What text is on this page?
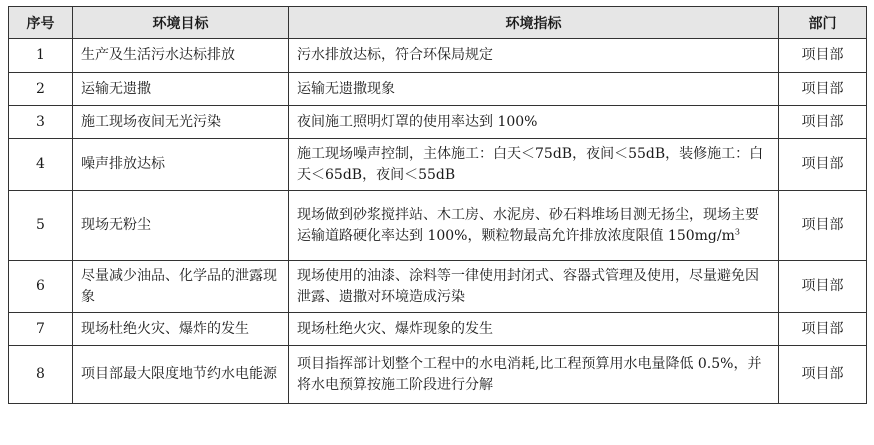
序号	环境目标	环境指标	部门
1	生产及生活污水达标排放	污水排放达标，符合环保局规定	项目部
2	运输无遗撒	运输无遗撒现象	项目部
3	施工现场夜间无光污染	夜间施工照明灯罩的使用率达到 100%	项目部
4	噪声排放达标	施工现场噪声控制，主体施工：白天＜75dB，夜间＜55dB，装修施工：白天＜65dB，夜间＜55dB	项目部
5	现场无粉尘	现场做到砂浆搅拌站、木工房、水泥房、砂石料堆场目测无扬尘，现场主要运输道路硬化率达到 100%，颗粒物最高允许排放浓度限值 $150mg/m^3$	项目部
6	尽量减少油品、化学品的泄露现象	现场使用的油漆、涂料等一律使用封闭式、容器式管理及使用，尽量避免因泄露、遗撒对环境造成污染	项目部
7	现场杜绝火灾、爆炸的发生	现场杜绝火灾、爆炸现象的发生	项目部
8	项目部最大限度地节约水电能源	项目指挥部计划整个工程中的水电消耗,比工程预算用水电量降低 0.5%，并将水电预算按施工阶段进行分解	项目部
